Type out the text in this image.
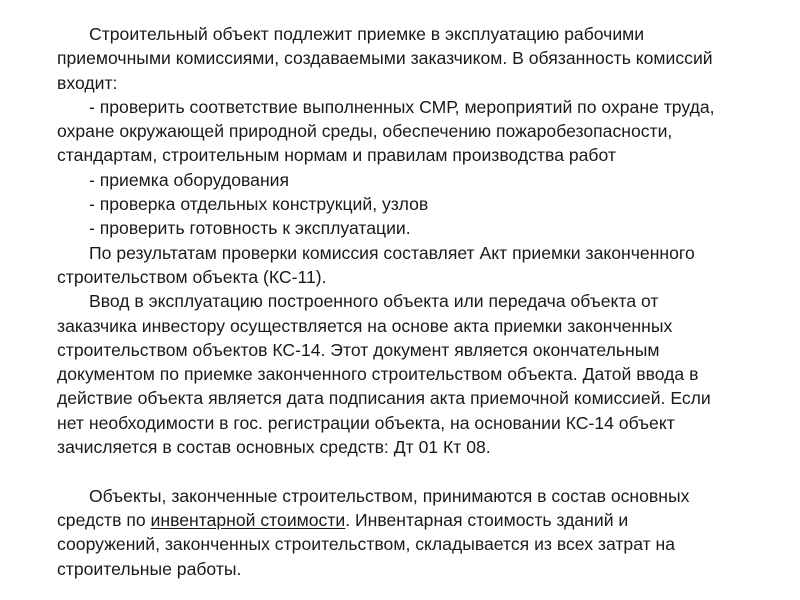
Строительный объект подлежит приемке в эксплуатацию рабочими
приемочными комиссиями, создаваемыми заказчиком. В обязанность комиссий
входит:
- проверить соответствие выполненных СМР, мероприятий по охране труда,
охране окружающей природной среды, обеспечению пожаробезопасности,
стандартам, строительным нормам и правилам производства работ
- приемка оборудования
- проверка отдельных конструкций, узлов
- проверить готовность к эксплуатации.
По результатам проверки комиссия составляет Акт приемки законченного
строительством объекта (КС-11).
Ввод в эксплуатацию построенного объекта или передача объекта от
заказчика инвестору осуществляется на основе акта приемки законченных
строительством объектов КС-14. Этот документ является окончательным
документом по приемке законченного строительством объекта. Датой ввода в
действие объекта является дата подписания акта приемочной комиссией. Если
нет необходимости в гос. регистрации объекта, на основании КС-14 объект
зачисляется в состав основных средств: Дт 01 Кт 08.
Объекты, законченные строительством, принимаются в состав основных
средств по инвентарной стоимости. Инвентарная стоимость зданий и
сооружений, законченных строительством, складывается из всех затрат на
строительные работы.
